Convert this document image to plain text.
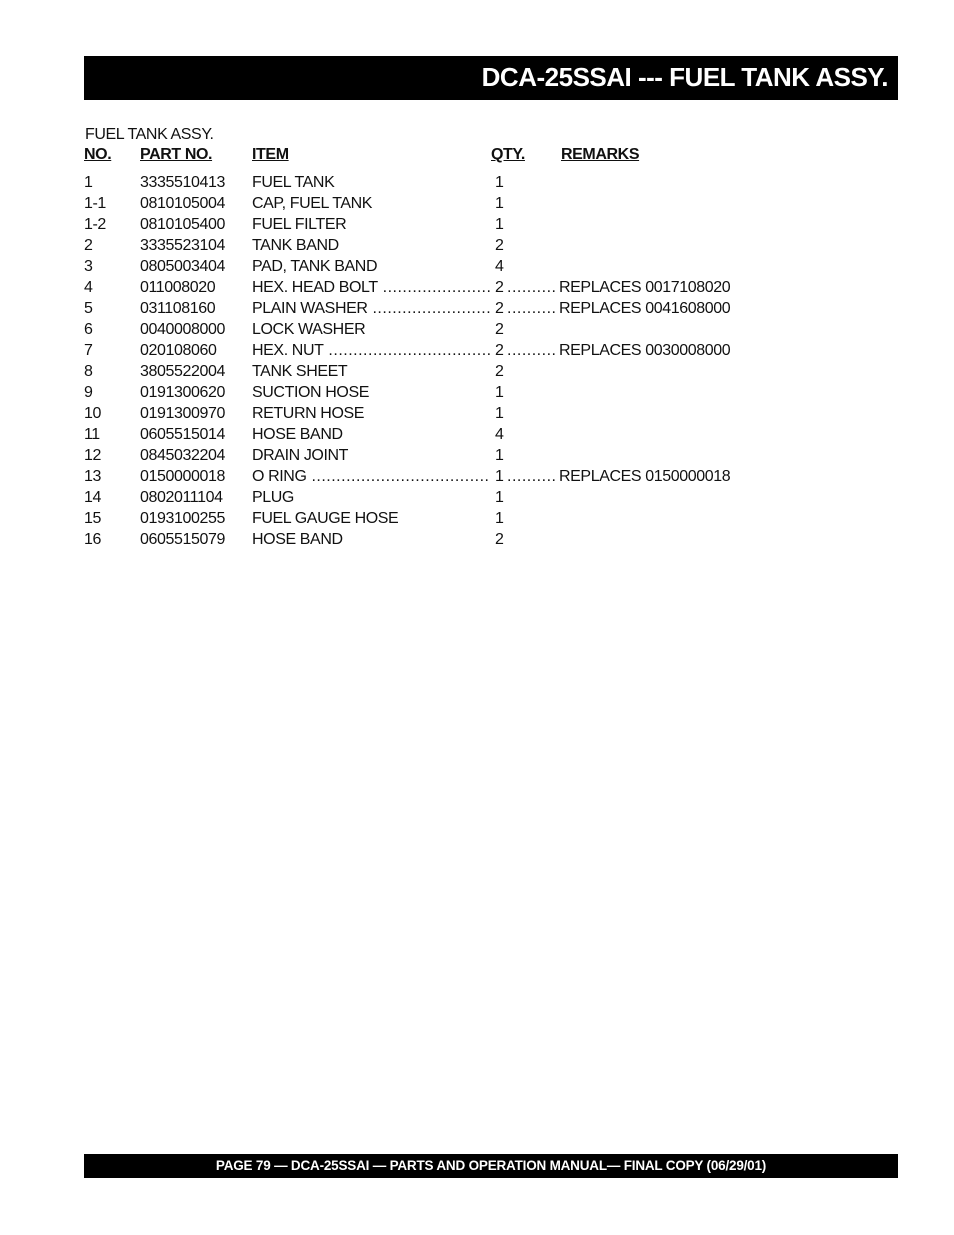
DCA-25SSAI --- FUEL TANK ASSY.
FUEL TANK ASSY.
NO. PART NO. ITEM	QTY. REMARKS
1	3335510413 FUEL TANK	1
1-1 0810105004 CAP, FUEL TANK	1
1-2 0810105400 FUEL FILTER	1
2	3335523104 TANK BAND	2
3	0805003404 PAD, TANK BAND	4
4	011008020 HEX. HEAD BOLT .....	2 .....	REPLACES 0017108020
5	031108160 PLAIN WASHER .....	2 .....	REPLACES 0041608000
6	0040008000 LOCK WASHER	2
7	020108060 HEX. NUT .....	2 .....	REPLACES 0030008000
8	3805522004 TANK SHEET	2
9	0191300620 SUCTION HOSE	1
10 0191300970 RETURN HOSE	1
11	0605515014 HOSE BAND	4
12 0845032204 DRAIN JOINT	1
13 0150000018 O RING .....	1 .....	REPLACES 0150000018
14 0802011104 PLUG	1
15 0193100255 FUEL GAUGE HOSE	1
16 0605515079 HOSE BAND	2
PAGE 79 — DCA-25SSAI — PARTS AND OPERATION MANUAL— FINAL COPY (06/29/01)
